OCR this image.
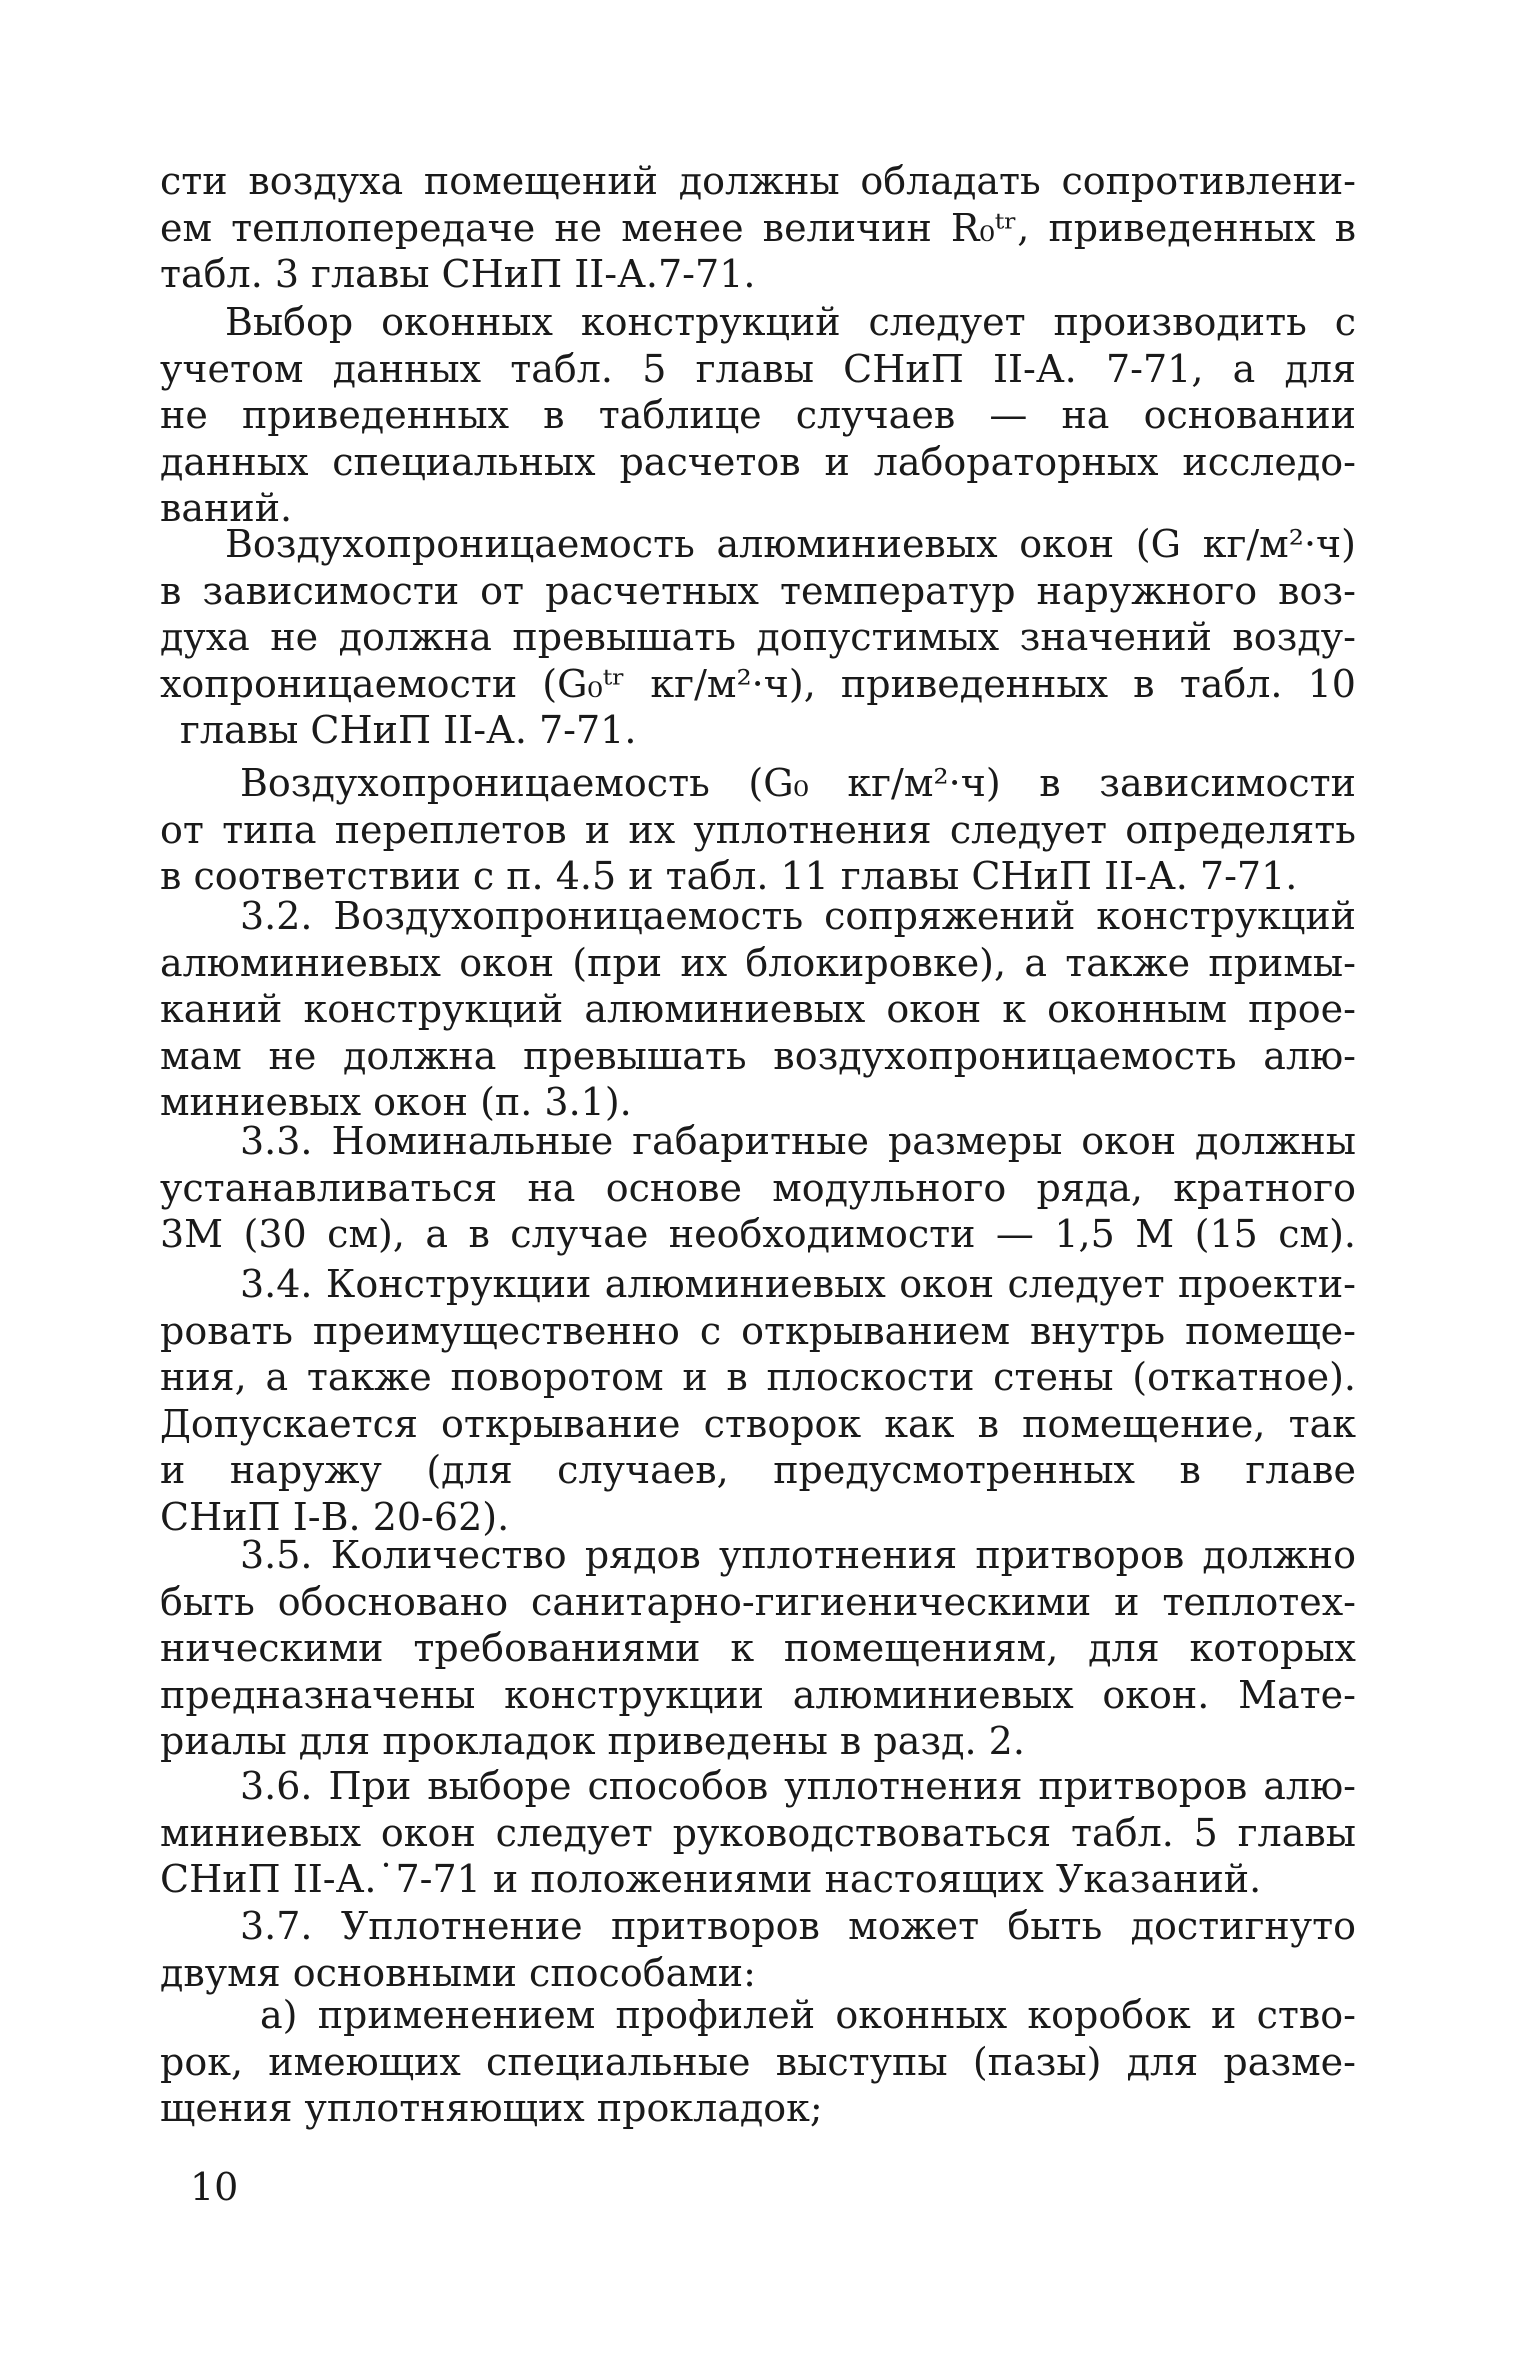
сти воздуха помещений должны обладать сопротивлени-
ем теплопередаче не менее величин R₀ᵗʳ, приведенных в
табл. 3 главы СНиП II-А.7-71.
Выбор оконных конструкций следует производить с
учетом данных табл. 5 главы СНиП II-А. 7-71, а для
не приведенных в таблице случаев — на основании
данных специальных расчетов и лабораторных исследо-
ваний.
Воздухопроницаемость алюминиевых окон (G кг/м²·ч)
в зависимости от расчетных температур наружного воз-
духа не должна превышать допустимых значений возду-
хопроницаемости (G₀ᵗʳ кг/м²·ч), приведенных в табл. 10
главы СНиП II-А. 7-71.
Воздухопроницаемость (G₀ кг/м²·ч) в зависимости
от типа переплетов и их уплотнения следует определять
в соответствии с п. 4.5 и табл. 11 главы СНиП II-А. 7-71.
3.2. Воздухопроницаемость сопряжений конструкций
алюминиевых окон (при их блокировке), а также примы-
каний конструкций алюминиевых окон к оконным прое-
мам не должна превышать воздухопроницаемость алю-
миниевых окон (п. 3.1).
3.3. Номинальные габаритные размеры окон должны
устанавливаться на основе модульного ряда, кратного
3М (30 см), а в случае необходимости — 1,5 М (15 см).
3.4. Конструкции алюминиевых окон следует проекти-
ровать преимущественно с открыванием внутрь помеще-
ния, а также поворотом и в плоскости стены (откатное).
Допускается открывание створок как в помещение, так
и наружу (для случаев, предусмотренных в главе
СНиП I-В. 20-62).
3.5. Количество рядов уплотнения притворов должно
быть обосновано санитарно-гигиеническими и теплотех-
ническими требованиями к помещениям, для которых
предназначены конструкции алюминиевых окон. Мате-
риалы для прокладок приведены в разд. 2.
3.6. При выборе способов уплотнения притворов алю-
миниевых окон следует руководствоваться табл. 5 главы
СНиП II-А.˙7-71 и положениями настоящих Указаний.
3.7. Уплотнение притворов может быть достигнуто
двумя основными способами:
а) применением профилей оконных коробок и ство-
рок, имеющих специальные выступы (пазы) для разме-
щения уплотняющих прокладок;

10
